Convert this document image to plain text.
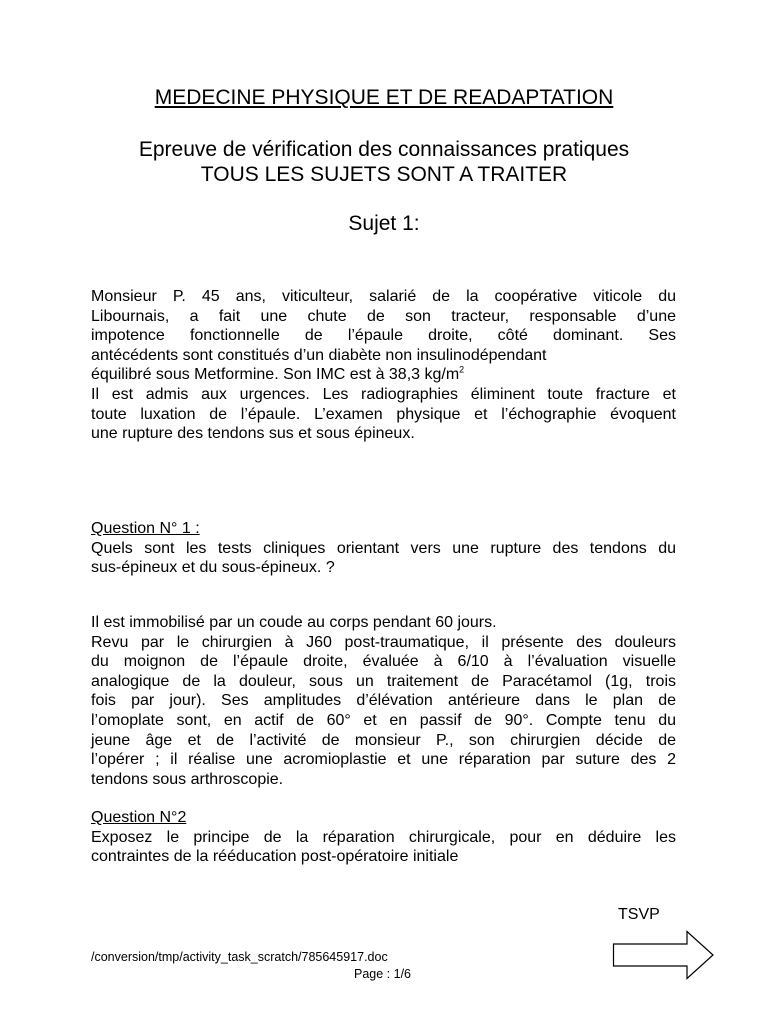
MEDECINE PHYSIQUE ET DE READAPTATION
Epreuve de vérification des connaissances pratiques
TOUS LES SUJETS SONT A TRAITER
Sujet 1:
Monsieur P. 45 ans, viticulteur, salarié de la coopérative viticole du
Libournais, a fait une chute de son tracteur, responsable d’une
impotence fonctionnelle de l’épaule droite, côté dominant. Ses
antécédents sont constitués d’un diabète non insulinodépendant
équilibré sous Metformine. Son IMC est à 38,3 $kg/m^2$
Il est admis aux urgences. Les radiographies éliminent toute fracture et
toute luxation de l’épaule. L’examen physique et l’échographie évoquent
une rupture des tendons sus et sous épineux.
Question N° 1 :
Quels sont les tests cliniques orientant vers une rupture des tendons du
sus-épineux et du sous-épineux. ?
Il est immobilisé par un coude au corps pendant 60 jours.
Revu par le chirurgien à J60 post-traumatique, il présente des douleurs
du moignon de l’épaule droite, évaluée à 6/10 à l’évaluation visuelle
analogique de la douleur, sous un traitement de Paracétamol (1g, trois
fois par jour). Ses amplitudes d’élévation antérieure dans le plan de
l’omoplate sont, en actif de 60° et en passif de 90°. Compte tenu du
jeune âge et de l’activité de monsieur P., son chirurgien décide de
l’opérer ; il réalise une acromioplastie et une réparation par suture des 2
tendons sous arthroscopie.
Question N°2
Exposez le principe de la réparation chirurgicale, pour en déduire les
contraintes de la rééducation post-opératoire initiale
TSVP
/conversion/tmp/activity_task_scratch/785645917.doc
Page : 1/6
